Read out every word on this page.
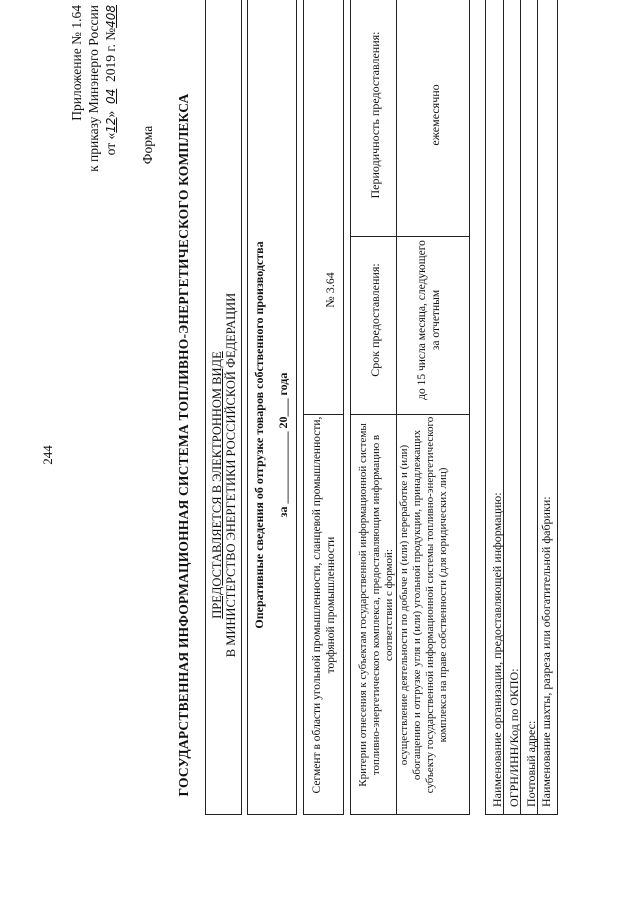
244
Приложение № 1.64 к приказу Минэнерго России от «12»  04  2019 г. №408
Форма ГОСУДАРСТВЕННАЯ ИНФОРМАЦИОННАЯ СИСТЕМА ТОПЛИВНО-ЭНЕРГЕТИЧЕСКОГО КОМПЛЕКСА ПРЕДОСТАВЛЯЕТСЯ В ЭЛЕКТРОННОМ ВИДЕ В МИНИСТЕРСТВО ЭНЕРГЕТИКИ РОССИЙСКОЙ ФЕДЕРАЦИИ Оперативные сведения об отгрузке товаров собственного производства за ____________ 20___ года Сегмент в области угольной промышленности, сланцевой промышленности, торфяной промышленности
№ 3.64
Критерии отнесения к субъектам государственной информационной системы топливно-энергетического комплекса, предоставляющим информацию в соответствии с формой: осуществление деятельности по добыче и (или) переработке и (или) обогащению и отгрузке угля и (или) угольной продукции, принадлежащих субъекту государственной информационной системы топливно-энергетического комплекса на праве собственности (для юридических лиц)
Срок предоставления:	до 15 числа месяца, следующего за отчетным
Периодичность предоставления:	ежемесячно
Наименование организации, предоставляющей информацию: ОГРН/ИНН/Код по ОКПО: Почтовый адрес: Наименование шахты, разреза или обогатительной фабрики:
